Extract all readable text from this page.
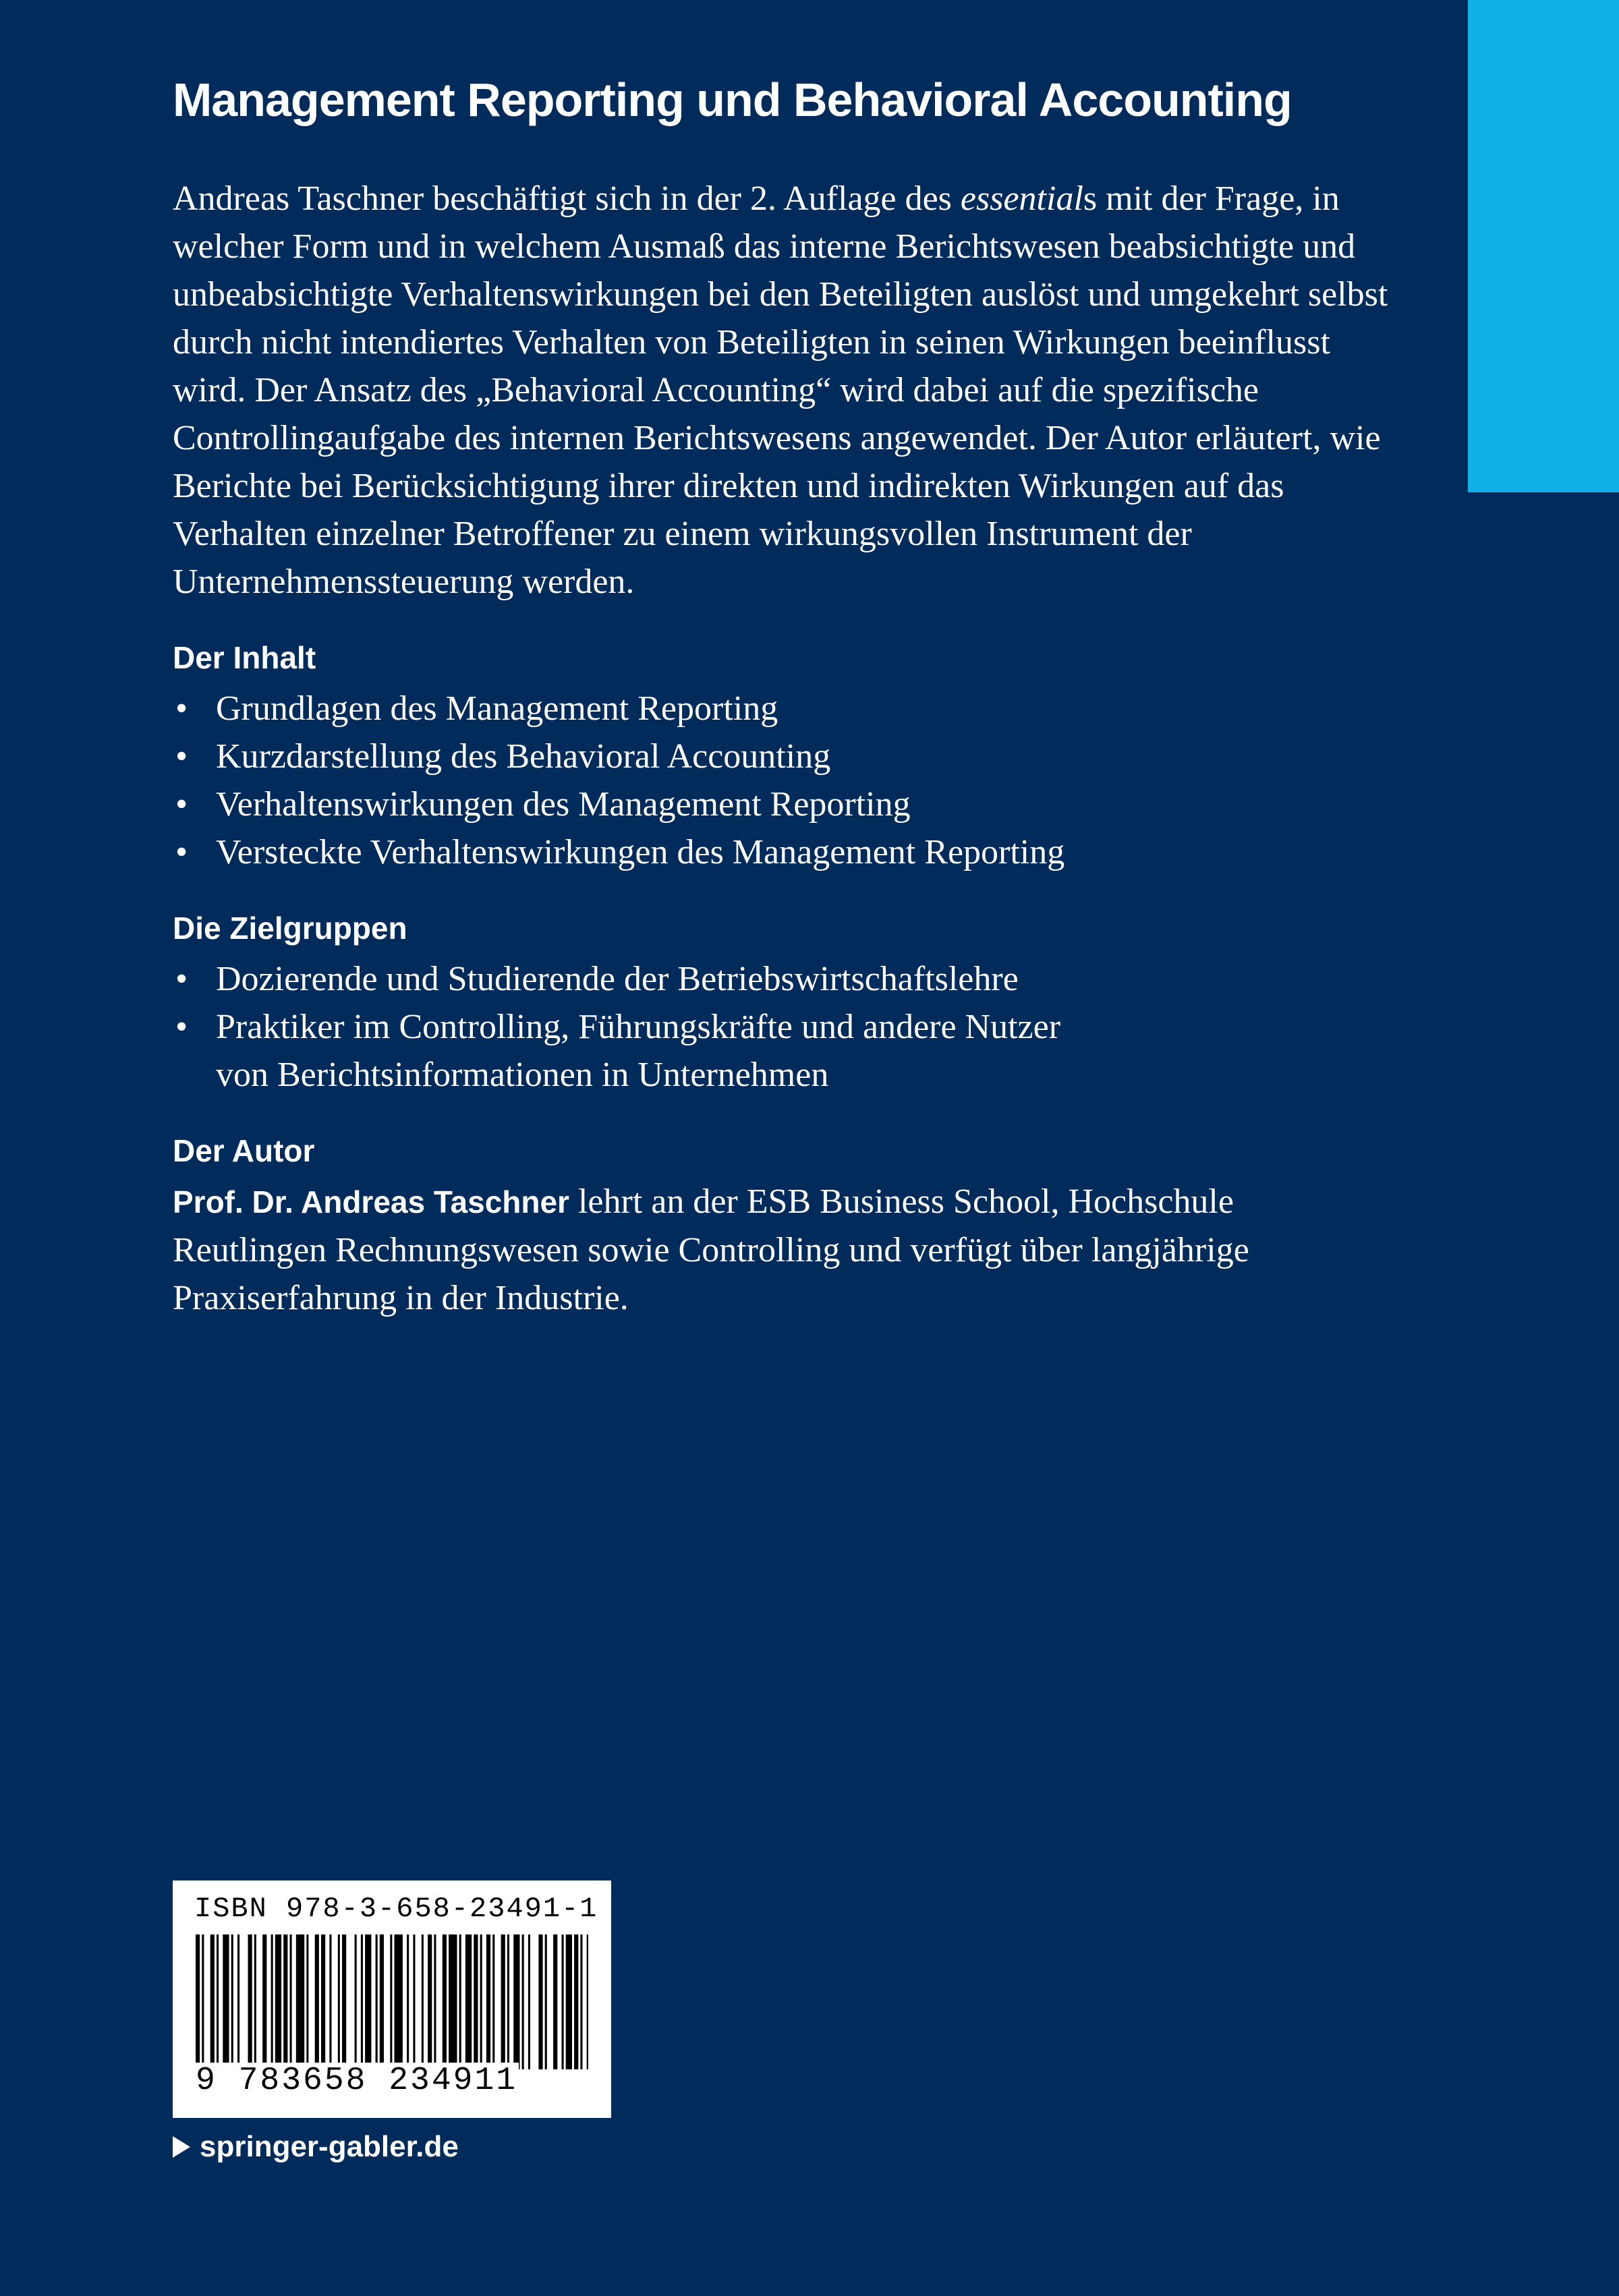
Management Reporting und Behavioral Accounting

Andreas Taschner beschäftigt sich in der 2. Auflage des essentials mit der Frage, in welcher Form und in welchem Ausmaß das interne Berichtswesen beabsichtigte und unbeabsichtigte Verhaltenswirkungen bei den Beteiligten auslöst und umgekehrt selbst durch nicht intendiertes Verhalten von Beteiligten in seinen Wirkungen beeinflusst wird. Der Ansatz des „Behavioral Accounting“ wird dabei auf die spezifische Controllingaufgabe des internen Berichtswesens angewendet. Der Autor erläutert, wie Berichte bei Berücksichtigung ihrer direkten und indirekten Wirkungen auf das Verhalten einzelner Betroffener zu einem wirkungsvollen Instrument der Unternehmenssteuerung werden.

Der Inhalt
• Grundlagen des Management Reporting
• Kurzdarstellung des Behavioral Accounting
• Verhaltenswirkungen des Management Reporting
• Versteckte Verhaltenswirkungen des Management Reporting
Die Zielgruppen
• Dozierende und Studierende der Betriebswirtschaftslehre
• Praktiker im Controlling, Führungskräfte und andere Nutzer von Berichtsinformationen in Unternehmen
Der Autor

Prof. Dr. Andreas Taschner lehrt an der ESB Business School, Hochschule Reutlingen Rechnungswesen sowie Controlling und verfügt über langjährige Praxiserfahrung in der Industrie.

ISBN 978-3-658-23491-1
9 783658 234911
springer-gabler.de
